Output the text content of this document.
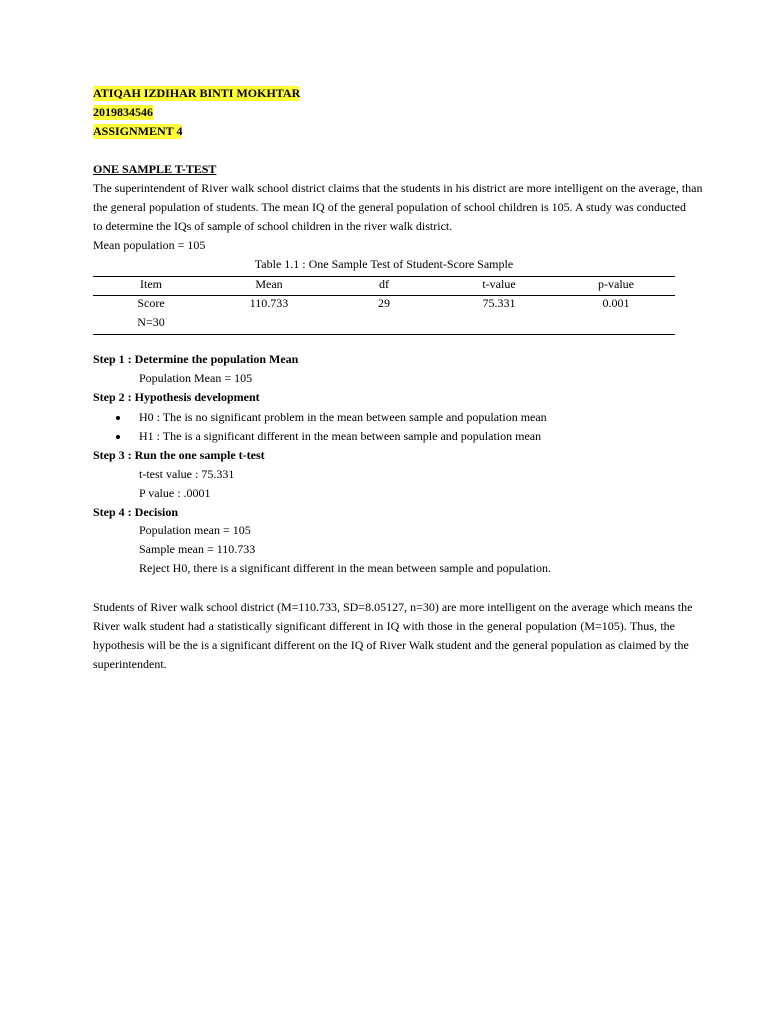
ATIQAH IZDIHAR BINTI MOKHTAR
2019834546
ASSIGNMENT 4
ONE SAMPLE T-TEST
The superintendent of River walk school district claims that the students in his district are more intelligent on the average, than
the general population of students. The mean IQ of the general population of school children is 105. A study was conducted
to determine the IQs of sample of school children in the river walk district.
Mean population = 105
Table 1.1 : One Sample Test of Student-Score Sample
Item	Mean	df	t-value	p-value
Score	110.733	29	75.331	0.001
N=30
Step 1 : Determine the population Mean
Population Mean = 105
Step 2 : Hypothesis development
H0 : The is no significant problem in the mean between sample and population mean
H1 : The is a significant different in the mean between sample and population mean
Step 3 : Run the one sample t-test
t-test value : 75.331
P value : .0001
Step 4 : Decision
Population mean = 105
Sample mean = 110.733
Reject H0, there is a significant different in the mean between sample and population.
Students of River walk school district (M=110.733, SD=8.05127, n=30) are more intelligent on the average which means the
River walk student had a statistically significant different in IQ with those in the general population (M=105). Thus, the
hypothesis will be the is a significant different on the IQ of River Walk student and the general population as claimed by the
superintendent.
